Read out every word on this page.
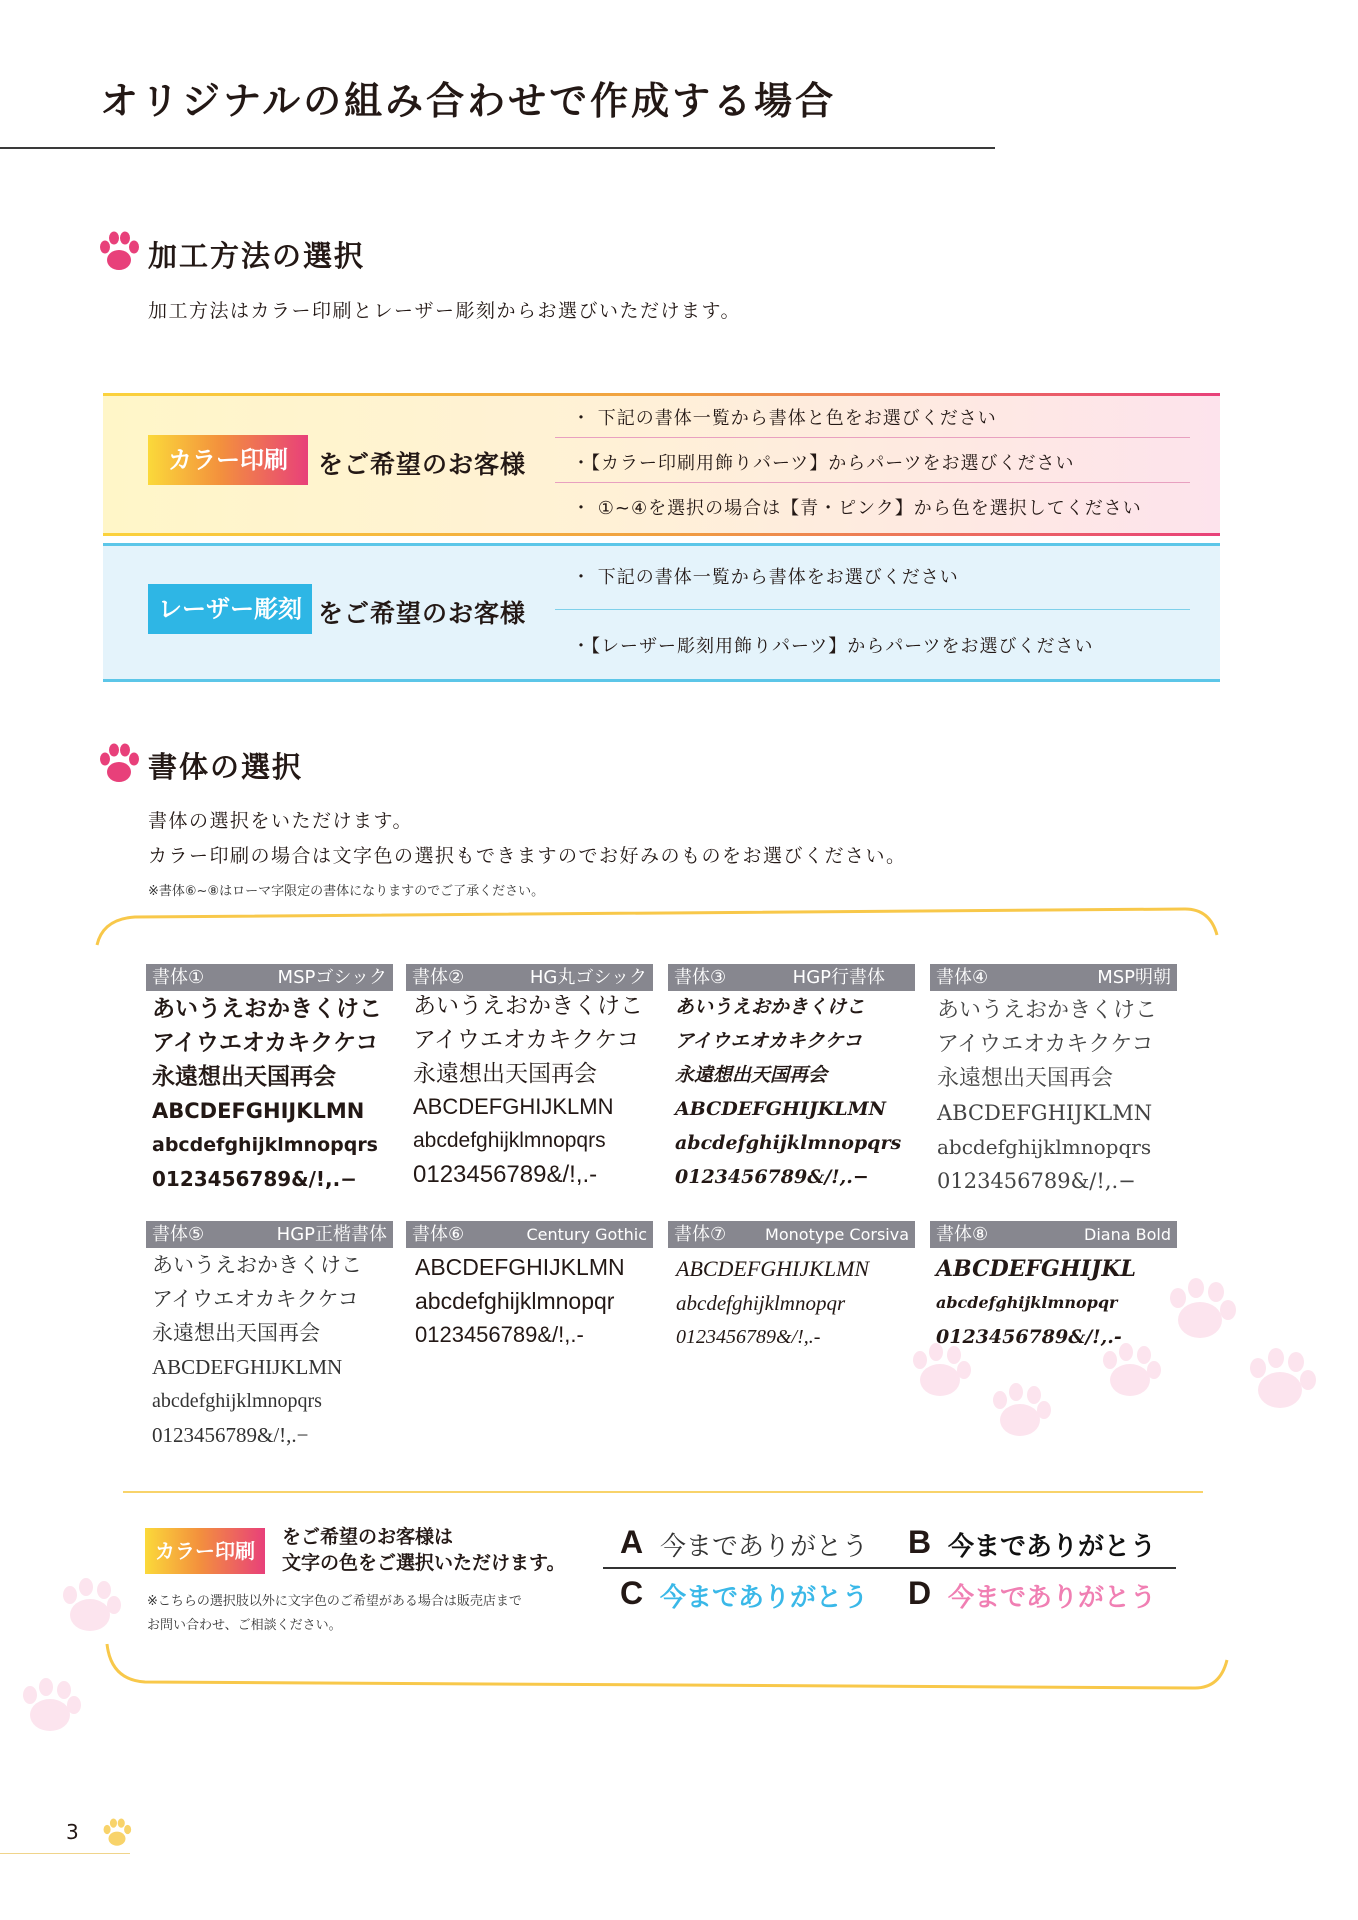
オリジナルの組み合わせで作成する場合
加工方法の選択
加工方法はカラー印刷とレーザー彫刻からお選びいただけます。
カラー印刷	をご希望のお客様
・ 下記の書体一覧から書体と色をお選びください
・【カラー印刷用飾りパーツ】からパーツをお選びください
・ ①~④を選択の場合は【青・ピンク】から色を選択してください
レーザー彫刻 をご希望のお客様
・ 下記の書体一覧から書体をお選びください
・【レーザー彫刻用飾りパーツ】からパーツをお選びください
書体の選択
書体の選択をいただけます。
カラー印刷の場合は文字色の選択もできますのでお好みのものをお選びください。
※書体⑥~⑧はローマ字限定の書体になりますのでご了承ください。
書体①	MSPゴシック
あいうえおかきくけこ
アイウエオカキクケコ
永遠想出天国再会
ABCDEFGHIJKLMN
abcdefghijklmnopqrs
0123456789&/!,.−
書体②	HG丸ゴシック
あいうえおかきくけこ
アイウエオカキクケコ
永遠想出天国再会
ABCDEFGHIJKLMN
abcdefghijklmnopqrs
0123456789&/!,.-
書体③	HGP行書体
あいうえおかきくけこ
アイウエオカキクケコ
永遠想出天国再会
ABCDEFGHIJKLMN
abcdefghijklmnopqrs
0123456789&/!,.−
書体④	MSP明朝
あいうえおかきくけこ
アイウエオカキクケコ
永遠想出天国再会
ABCDEFGHIJKLMN
abcdefghijklmnopqrs
0123456789&/!,.−
書体⑤	HGP正楷書体
あいうえおかきくけこ
アイウエオカキクケコ
永遠想出天国再会
ABCDEFGHIJKLMN
abcdefghijklmnopqrs
0123456789&/!,.−
書体⑥	Century Gothic
ABCDEFGHIJKLMN
abcdefghijklmnopqr
0123456789&/!,.-
書体⑦ Monotype Corsiva
ABCDEFGHIJKLMN
abcdefghijklmnopqr
0123456789&/!,.-
書体⑧	Diana Bold
ABCDEFGHIJKL
abcdefghijklmnopqr
0123456789&/!,.-
カラー印刷
をご希望のお客様は
文字の色をご選択いただけます。
※こちらの選択肢以外に文字色のご希望がある場合は販売店まで
お問い合わせ、ご相談ください。
A 今までありがとう B 今までありがとう
C 今までありがとう D 今までありがとう
3
